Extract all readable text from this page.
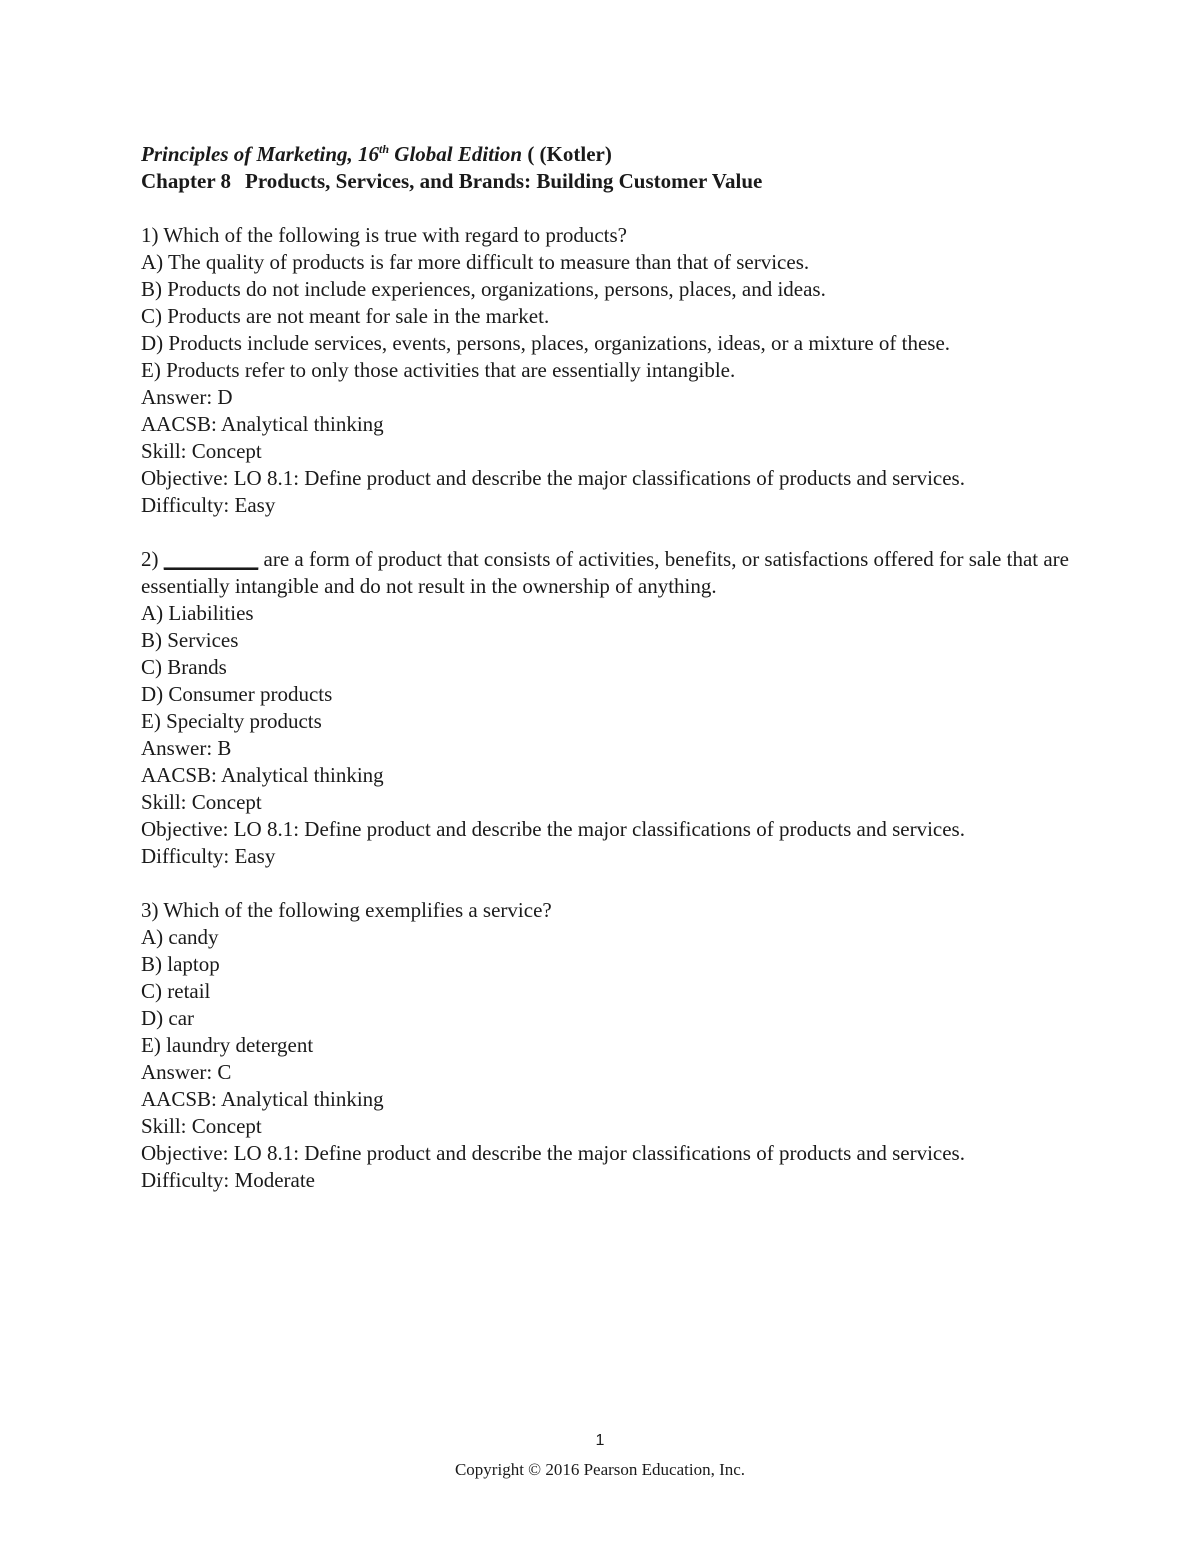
Principles of Marketing, 16th Global Edition ( (Kotler)
Chapter 8 Products, Services, and Brands: Building Customer Value
1) Which of the following is true with regard to products?
A) The quality of products is far more difficult to measure than that of services.
B) Products do not include experiences, organizations, persons, places, and ideas.
C) Products are not meant for sale in the market.
D) Products include services, events, persons, places, organizations, ideas, or a mixture of these.
E) Products refer to only those activities that are essentially intangible.
Answer: D
AACSB: Analytical thinking
Skill: Concept
Objective: LO 8.1: Define product and describe the major classifications of products and services.
Difficulty: Easy
2) _________ are a form of product that consists of activities, benefits, or satisfactions offered for sale that are essentially intangible and do not result in the ownership of anything.
A) Liabilities
B) Services
C) Brands
D) Consumer products
E) Specialty products
Answer: B
AACSB: Analytical thinking
Skill: Concept
Objective: LO 8.1: Define product and describe the major classifications of products and services.
Difficulty: Easy
3) Which of the following exemplifies a service?
A) candy
B) laptop
C) retail
D) car
E) laundry detergent
Answer: C
AACSB: Analytical thinking
Skill: Concept
Objective: LO 8.1: Define product and describe the major classifications of products and services.
Difficulty: Moderate
1
Copyright © 2016 Pearson Education, Inc.
